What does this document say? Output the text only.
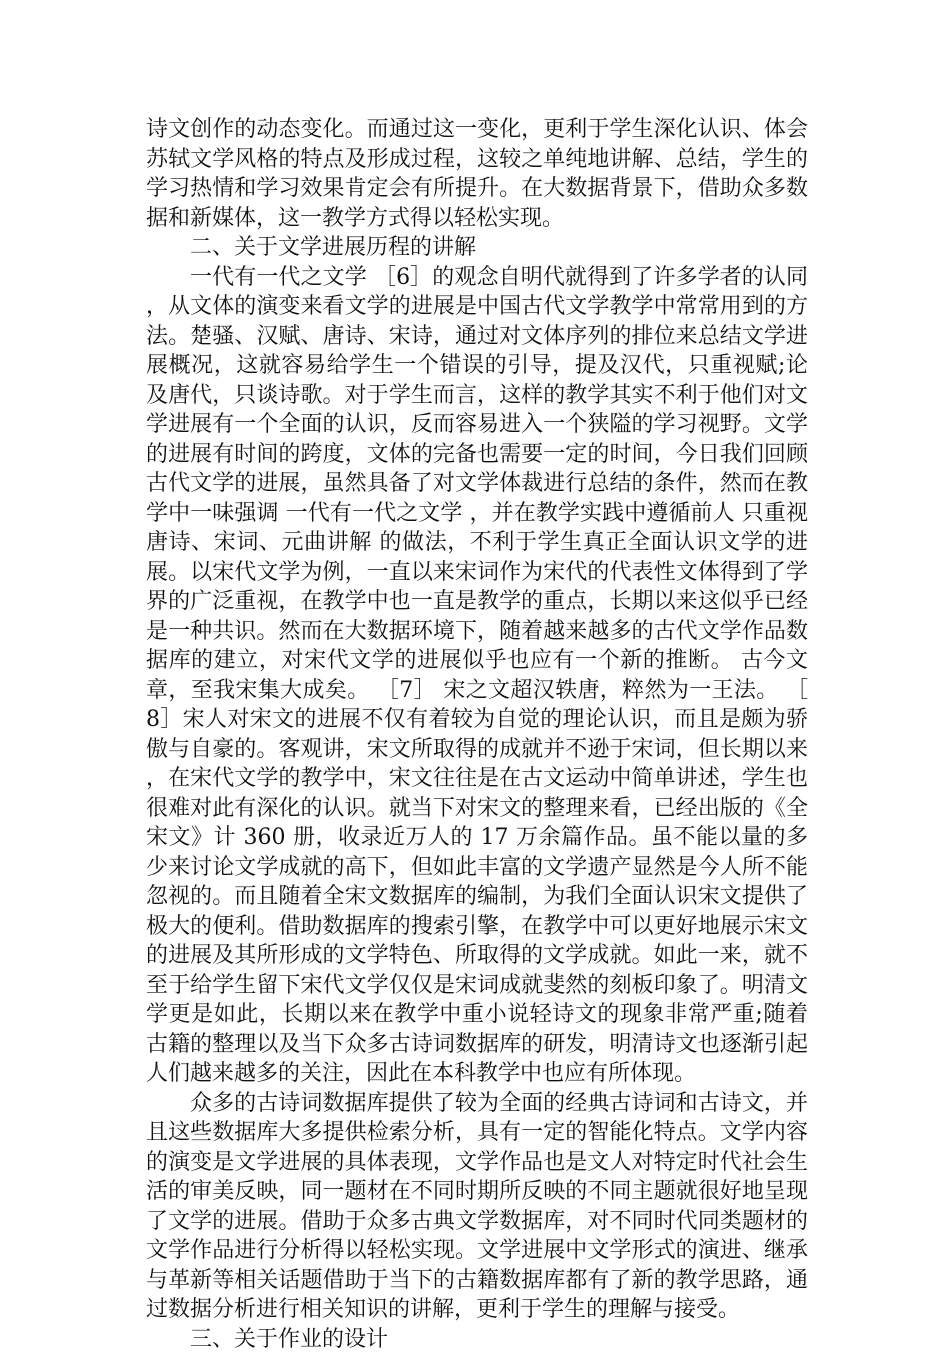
诗文创作的动态变化。而通过这一变化，更利于学生深化认识、体会苏轼文学风格的特点及形成过程，这较之单纯地讲解、总结，学生的学习热情和学习效果肯定会有所提升。在大数据背景下，借助众多数据和新媒体，这一教学方式得以轻松实现。

二、关于文学进展历程的讲解

一代有一代之文学 ［6］的观念自明代就得到了许多学者的认同，从文体的演变来看文学的进展是中国古代文学教学中常常用到的方法。楚骚、汉赋、唐诗、宋诗，通过对文体序列的排位来总结文学进展概况，这就容易给学生一个错误的引导，提及汉代，只重视赋;论及唐代，只谈诗歌。对于学生而言，这样的教学其实不利于他们对文学进展有一个全面的认识，反而容易进入一个狭隘的学习视野。文学的进展有时间的跨度，文体的完备也需要一定的时间，今日我们回顾古代文学的进展，虽然具备了对文学体裁进行总结的条件，然而在教学中一味强调 一代有一代之文学 ，并在教学实践中遵循前人 只重视唐诗、宋词、元曲讲解 的做法，不利于学生真正全面认识文学的进展。以宋代文学为例，一直以来宋词作为宋代的代表性文体得到了学界的广泛重视，在教学中也一直是教学的重点，长期以来这似乎已经是一种共识。然而在大数据环境下，随着越来越多的古代文学作品数据库的建立，对宋代文学的进展似乎也应有一个新的推断。 古今文章，至我宋集大成矣。 ［7］ 宋之文超汉轶唐，粹然为一王法。 ［8］宋人对宋文的进展不仅有着较为自觉的理论认识，而且是颇为骄傲与自豪的。客观讲，宋文所取得的成就并不逊于宋词，但长期以来，在宋代文学的教学中，宋文往往是在古文运动中简单讲述，学生也很难对此有深化的认识。就当下对宋文的整理来看，已经出版的《全宋文》计 360 册，收录近万人的 17 万余篇作品。虽不能以量的多少来讨论文学成就的高下，但如此丰富的文学遗产显然是今人所不能忽视的。而且随着全宋文数据库的编制，为我们全面认识宋文提供了极大的便利。借助数据库的搜索引擎，在教学中可以更好地展示宋文的进展及其所形成的文学特色、所取得的文学成就。如此一来，就不至于给学生留下宋代文学仅仅是宋词成就斐然的刻板印象了。明清文学更是如此，长期以来在教学中重小说轻诗文的现象非常严重;随着古籍的整理以及当下众多古诗词数据库的研发，明清诗文也逐渐引起人们越来越多的关注，因此在本科教学中也应有所体现。

众多的古诗词数据库提供了较为全面的经典古诗词和古诗文，并且这些数据库大多提供检索分析，具有一定的智能化特点。文学内容的演变是文学进展的具体表现，文学作品也是文人对特定时代社会生活的审美反映，同一题材在不同时期所反映的不同主题就很好地呈现了文学的进展。借助于众多古典文学数据库，对不同时代同类题材的文学作品进行分析得以轻松实现。文学进展中文学形式的演进、继承与革新等相关话题借助于当下的古籍数据库都有了新的教学思路，通过数据分析进行相关知识的讲解，更利于学生的理解与接受。

三、关于作业的设计
